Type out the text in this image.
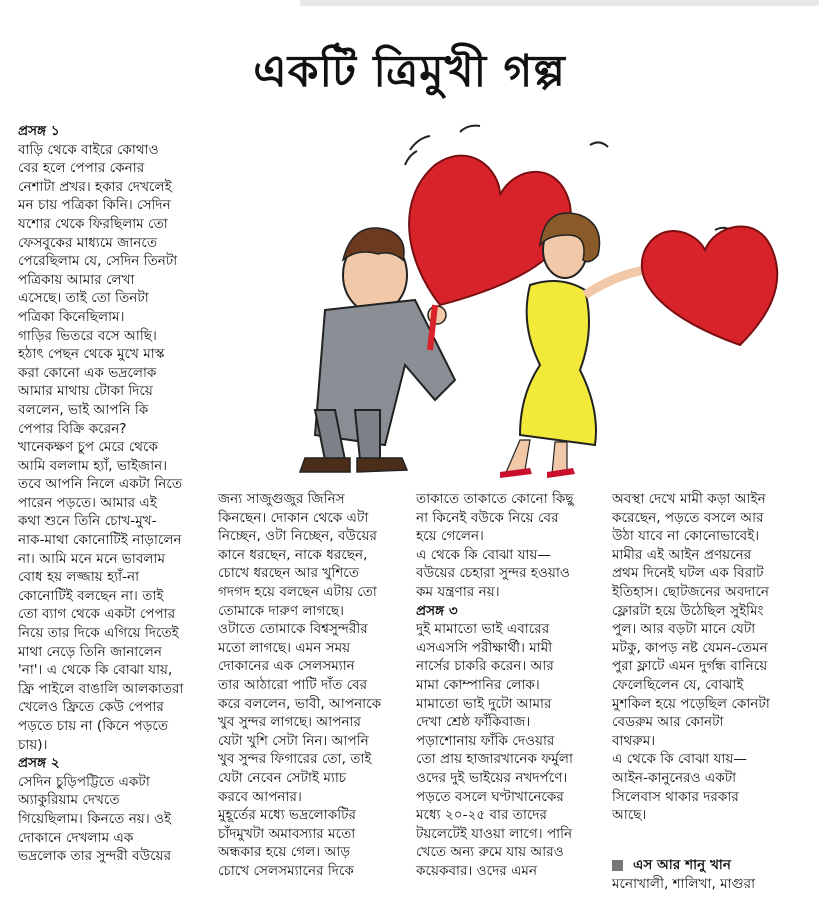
একটি ত্রিমুখী গল্প
প্রসঙ্গ ১
বাড়ি থেকে বাইরে কোথাও
বের হলে পেপার কেনার
নেশাটা প্রখর। হকার দেখলেই
মন চায় পত্রিকা কিনি। সেদিন
যশোর থেকে ফিরছিলাম তো
ফেসবুকের মাধ্যমে জানতে
পেরেছিলাম যে, সেদিন তিনটা
পত্রিকায় আমার লেখা
এসেছে। তাই তো তিনটা
পত্রিকা কিনেছিলাম।
গাড়ির ভিতরে বসে আছি।
হঠাৎ পেছন থেকে মুখে মাস্ক
করা কোনো এক ভদ্রলোক
আমার মাথায় টোকা দিয়ে
বললেন, ভাই আপনি কি
পেপার বিক্রি করেন?
খানেকক্ষণ চুপ মেরে থেকে
আমি বললাম হ্যাঁ, ভাইজান।
তবে আপনি নিলে একটা নিতে
পারেন পড়তে। আমার এই
কথা শুনে তিনি চোখ-মুখ-
নাক-মাথা কোনোটিই নাড়ালেন
না। আমি মনে মনে ভাবলাম
বোধ হয় লজ্জায় হ্যাঁ-না
কোনোটিই বলছেন না। তাই
তো ব্যাগ থেকে একটা পেপার
নিয়ে তার দিকে এগিয়ে দিতেই
মাথা নেড়ে তিনি জানালেন
'না'। এ থেকে কি বোঝা যায়,
ফ্রি পাইলে বাঙালি আলকাতরা
খেলেও ফ্রিতে কেউ পেপার
পড়তে চায় না (কিনে পড়তে
চায়)।
প্রসঙ্গ ২
সেদিন চুড়িপট্টিতে একটা
অ্যাকুরিয়াম দেখতে
গিয়েছিলাম। কিনতে নয়। ওই
দোকানে দেখলাম এক
ভদ্রলোক তার সুন্দরী বউয়ের
জন্য সাজুগুজুর জিনিস
কিনছেন। দোকান থেকে এটা
নিচ্ছেন, ওটা নিচ্ছেন, বউয়ের
কানে ধরছেন, নাকে ধরছেন,
চোখে ধরছেন আর খুশিতে
গদগদ হয়ে বলছেন এটায় তো
তোমাকে দারুণ লাগছে।
ওটাতে তোমাকে বিশ্বসুন্দরীর
মতো লাগছে। এমন সময়
দোকানের এক সেলসম্যান
তার আঠারো পাটি দাঁত বের
করে বললেন, ভাবী, আপনাকে
খুব সুন্দর লাগছে। আপনার
যেটা খুশি সেটা নিন। আপনি
খুব সুন্দর ফিগারের তো, তাই
যেটা নেবেন সেটাই ম্যাচ
করবে আপনার।
মুহূর্তের মধ্যে ভদ্রলোকটির
চাঁদমুখটা অমাবস্যার মতো
অন্ধকার হয়ে গেল। আড়
চোখে সেলসম্যানের দিকে
তাকাতে তাকাতে কোনো কিছু
না কিনেই বউকে নিয়ে বের
হয়ে গেলেন।
এ থেকে কি বোঝা যায়—
বউয়ের চেহারা সুন্দর হওয়াও
কম যন্ত্রণার নয়।
প্রসঙ্গ ৩
দুই মামাতো ভাই এবারের
এসএসসি পরীক্ষার্থী। মামী
নার্সের চাকরি করেন। আর
মামা কোম্পানির লোক।
মামাতো ভাই দুটো আমার
দেখা শ্রেষ্ঠ ফাঁকিবাজ।
পড়াশোনায় ফাঁকি দেওয়ার
তো প্রায় হাজারখানেক ফর্মুলা
ওদের দুই ভাইয়ের নখদর্পণে।
পড়তে বসলে ঘণ্টাখানেকের
মধ্যে ২০-২৫ বার তাদের
টয়লেটেই যাওয়া লাগে। পানি
খেতে অন্য রুমে যায় আরও
কয়েকবার। ওদের এমন
অবস্থা দেখে মামী কড়া আইন
করেছেন, পড়তে বসলে আর
উঠা যাবে না কোনোভাবেই।
মামীর এই আইন প্রণয়নের
প্রথম দিনেই ঘটল এক বিরাট
ইতিহাস। ছোটজনের অবদানে
ফ্লোরটা হয়ে উঠেছিল সুইমিং
পুল। আর বড়টা মানে যেটা
মটকু, কাপড় নষ্ট যেমন-তেমন
পুরা ফ্লাটে এমন দুর্গন্ধ বানিয়ে
ফেলেছিলেন যে, বোঝাই
মুশকিল হয়ে পড়েছিল কোনটা
বেডরুম আর কোনটা
বাথরুম।
এ থেকে কি বোঝা যায়—
আইন-কানুনেরও একটা
সিলেবাস থাকার দরকার
আছে।
এস আর শানু খান
মনোখালী, শালিখা, মাগুরা
